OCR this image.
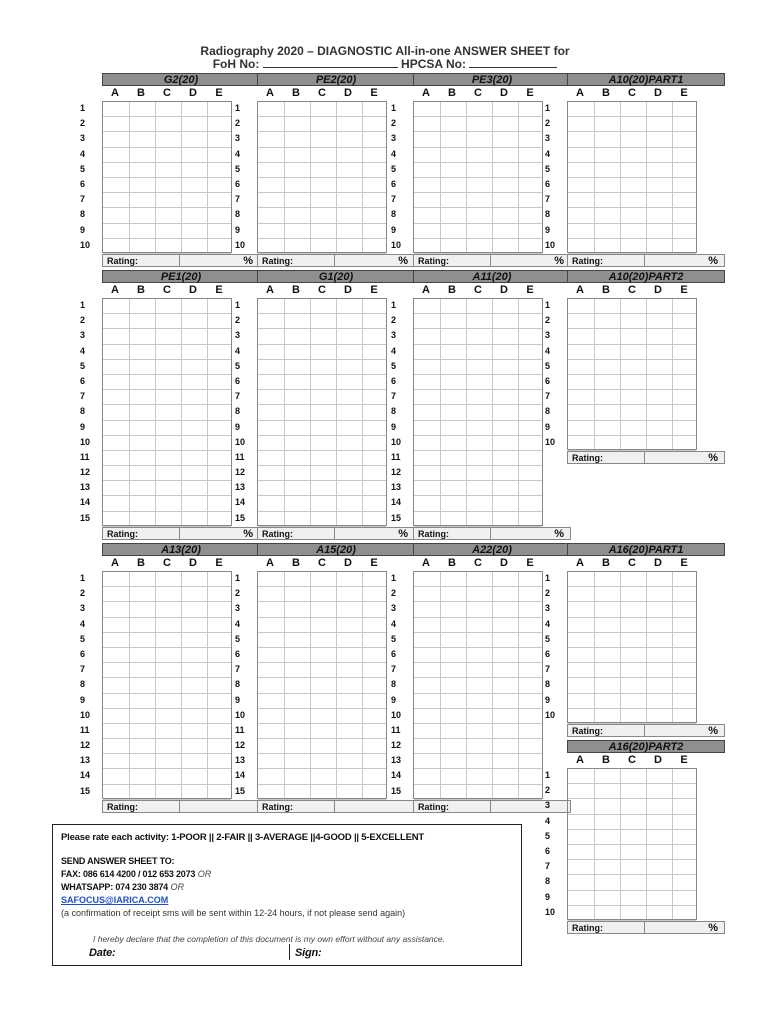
Radiography 2020 – DIAGNOSTIC All-in-one ANSWER SHEET for
FoH No:	HPCSA No:
G2(20)
A	B	C	D	E
1
2
3
4
5
6
7
8
9
10
Rating:	%
PE2(20)
A	B	C	D	E
1
2
3
4
5
6
7
8
9
10
Rating:	%
PE3(20)
A	B	C	D	E
1
2
3
4
5
6
7
8
9
10
Rating:	%
A10(20)PART1
A	B	C	D	E
1
2
3
4
5
6
7
8
9
10
Rating:	%
PE1(20)
A	B	C	D	E
1
2
3
4
5
6
7
8
9
10
11
12
13
14
15
Rating:	%
G1(20)
A	B	C	D	E
1
2
3
4
5
6
7
8
9
10
11
12
13
14
15
Rating:	%
A11(20)
A	B	C	D	E
1
2
3
4
5
6
7
8
9
10
11
12
13
14
15
Rating:	%
A10(20)PART2
A	B	C	D	E
1
2
3
4
5
6
7
8
9
10
Rating:	%
A13(20)
A	B	C	D	E
1
2
3
4
5
6
7
8
9
10
11
12
13
14
15
Rating:
A15(20)
A	B	C	D	E
1
2
3
4
5
6
7
8
9
10
11
12
13
14
15
Rating:
A22(20)
A	B	C	D	E
1
2
3
4
5
6
7
8
9
10
11
12
13
14
15
Rating:
A16(20)PART1
A	B	C	D	E
1
2
3
4
5
6
7
8
9
10
Rating:	%
A16(20)PART2
A	B	C	D	E
1
2
3
4
5
6
7
8
9
10
Rating:	%
Please rate each activity: 1-POOR || 2-FAIR || 3-AVERAGE ||4-GOOD || 5-EXCELLENT
SEND ANSWER SHEET TO:
FAX: 086 614 4200 / 012 653 2073 OR
WHATSAPP: 074 230 3874 OR
SAFOCUS@IARICA.COM
(a confirmation of receipt sms will be sent within 12-24 hours, if not please send again)
I hereby declare that the completion of this document is my own effort without any assistance.
Date:	Sign:
